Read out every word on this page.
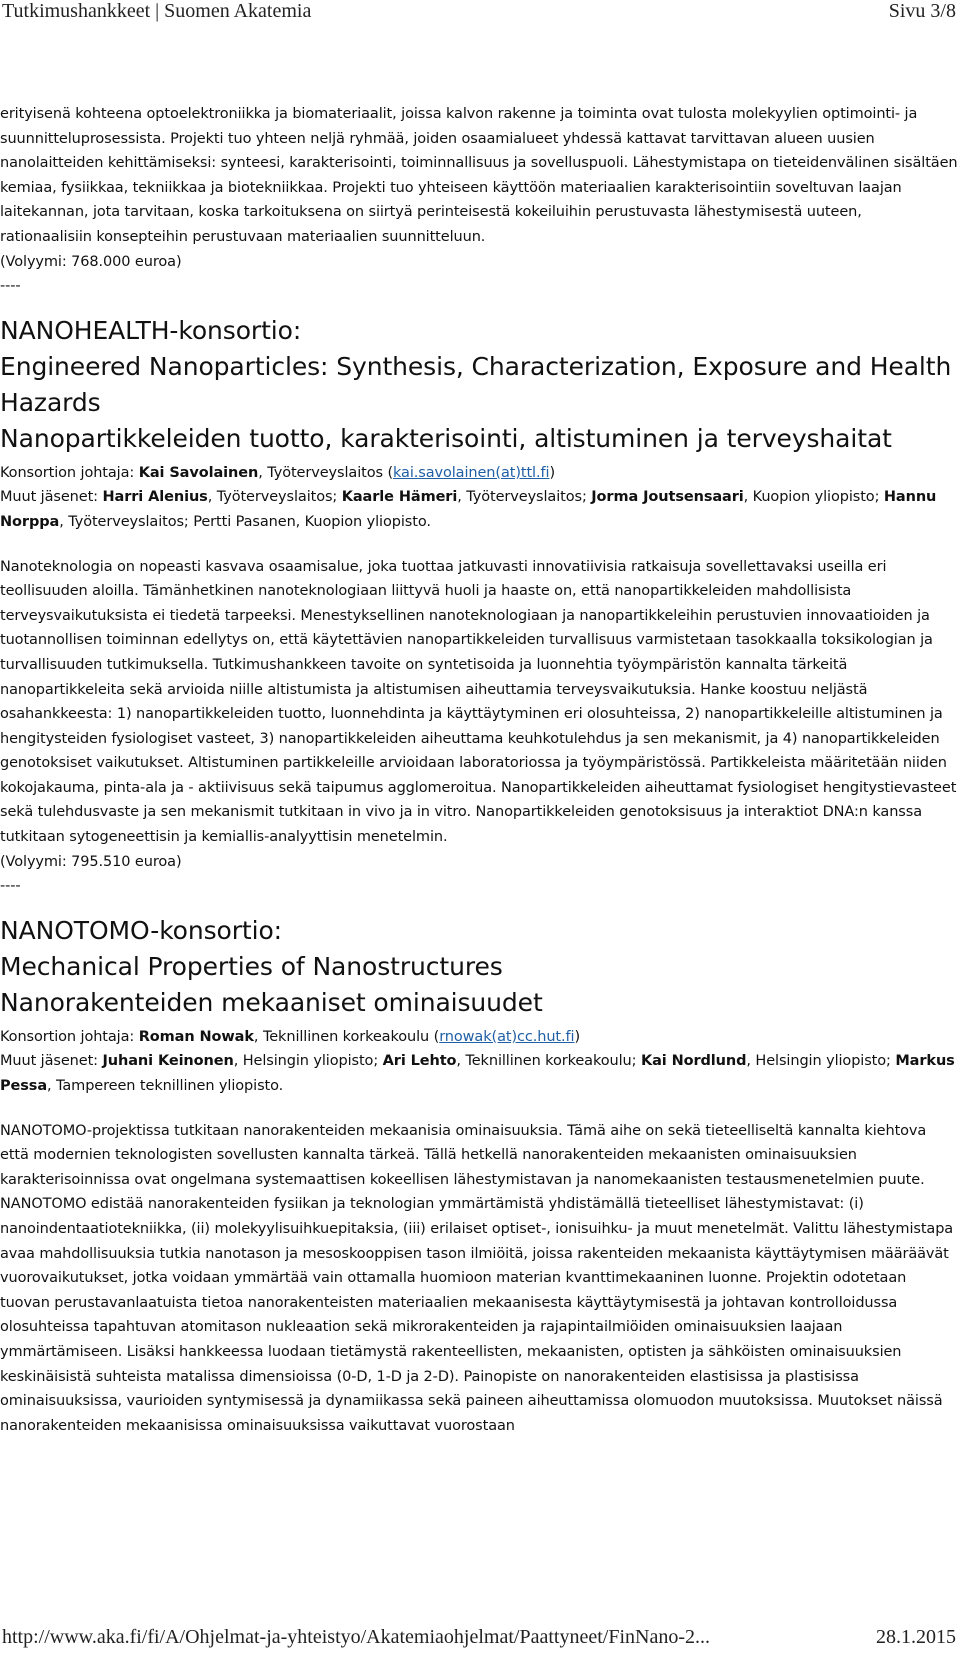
Tutkimushankkeet | Suomen Akatemia	Sivu 3/8

erityisenä kohteena optoelektroniikka ja biomateriaalit, joissa kalvon rakenne ja toiminta ovat tulosta molekyylien optimointi- ja suunnitteluprosessista. Projekti tuo yhteen neljä ryhmää, joiden osaamialueet yhdessä kattavat tarvittavan alueen uusien nanolaitteiden kehittämiseksi: synteesi, karakterisointi, toiminnallisuus ja sovelluspuoli. Lähestymistapa on tieteidenvälinen sisältäen kemiaa, fysiikkaa, tekniikkaa ja biotekniikkaa. Projekti tuo yhteiseen käyttöön materiaalien karakterisointiin soveltuvan laajan laitekannan, jota tarvitaan, koska tarkoituksena on siirtyä perinteisestä kokeiluihin perustuvasta lähestymisestä uuteen, rationaalisiin konsepteihin perustuvaan materiaalien suunnitteluun.

(Volyymi: 768.000 euroa)

----

NANOHEALTH-konsortio:
Engineered Nanoparticles: Synthesis, Characterization, Exposure and Health Hazards
Nanopartikkeleiden tuotto, karakterisointi, altistuminen ja terveyshaitat

Konsortion johtaja: Kai Savolainen, Työterveyslaitos (kai.savolainen(at)ttl.fi)

Muut jäsenet: Harri Alenius, Työterveyslaitos; Kaarle Hämeri, Työterveyslaitos; Jorma Joutsensaari, Kuopion yliopisto; Hannu Norppa, Työterveyslaitos; Pertti Pasanen, Kuopion yliopisto.

Nanoteknologia on nopeasti kasvava osaamisalue, joka tuottaa jatkuvasti innovatiivisia ratkaisuja sovellettavaksi useilla eri teollisuuden aloilla. Tämänhetkinen nanoteknologiaan liittyvä huoli ja haaste on, että nanopartikkeleiden mahdollisista terveysvaikutuksista ei tiedetä tarpeeksi. Menestyksellinen nanoteknologiaan ja nanopartikkeleihin perustuvien innovaatioiden ja tuotannollisen toiminnan edellytys on, että käytettävien nanopartikkeleiden turvallisuus varmistetaan tasokkaalla toksikologian ja turvallisuuden tutkimuksella. Tutkimushankkeen tavoite on syntetisoida ja luonnehtia työympäristön kannalta tärkeitä nanopartikkeleita sekä arvioida niille altistumista ja altistumisen aiheuttamia terveysvaikutuksia. Hanke koostuu neljästä osahankkeesta: 1) nanopartikkeleiden tuotto, luonnehdinta ja käyttäytyminen eri olosuhteissa, 2) nanopartikkeleille altistuminen ja hengitysteiden fysiologiset vasteet, 3) nanopartikkeleiden aiheuttama keuhkotulehdus ja sen mekanismit, ja 4) nanopartikkeleiden genotoksiset vaikutukset. Altistuminen partikkeleille arvioidaan laboratoriossa ja työympäristössä. Partikkeleista määritetään niiden kokojakauma, pinta-ala ja - aktiivisuus sekä taipumus agglomeroitua. Nanopartikkeleiden aiheuttamat fysiologiset hengitystievasteet sekä tulehdusvaste ja sen mekanismit tutkitaan in vivo ja in vitro. Nanopartikkeleiden genotoksisuus ja interaktiot DNA:n kanssa tutkitaan sytogeneettisin ja kemiallis-analyyttisin menetelmin.

(Volyymi: 795.510 euroa)

----

NANOTOMO-konsortio:
Mechanical Properties of Nanostructures
Nanorakenteiden mekaaniset ominaisuudet

Konsortion johtaja: Roman Nowak, Teknillinen korkeakoulu (rnowak(at)cc.hut.fi)

Muut jäsenet: Juhani Keinonen, Helsingin yliopisto; Ari Lehto, Teknillinen korkeakoulu; Kai Nordlund, Helsingin yliopisto; Markus Pessa, Tampereen teknillinen yliopisto.

NANOTOMO-projektissa tutkitaan nanorakenteiden mekaanisia ominaisuuksia. Tämä aihe on sekä tieteelliseltä kannalta kiehtova että modernien teknologisten sovellusten kannalta tärkeä. Tällä hetkellä nanorakenteiden mekaanisten ominaisuuksien karakterisoinnissa ovat ongelmana systemaattisen kokeellisen lähestymistavan ja nanomekaanisten testausmenetelmien puute. NANOTOMO edistää nanorakenteiden fysiikan ja teknologian ymmärtämistä yhdistämällä tieteelliset lähestymistavat: (i) nanoindentaatiotekniikka, (ii) molekyylisuihkuepitaksia, (iii) erilaiset optiset-, ionisuihku- ja muut menetelmät. Valittu lähestymistapa avaa mahdollisuuksia tutkia nanotason ja mesoskooppisen tason ilmiöitä, joissa rakenteiden mekaanista käyttäytymisen määräävät vuorovaikutukset, jotka voidaan ymmärtää vain ottamalla huomioon materian kvanttimekaaninen luonne. Projektin odotetaan tuovan perustavanlaatuista tietoa nanorakenteisten materiaalien mekaanisesta käyttäytymisestä ja johtavan kontrolloidussa olosuhteissa tapahtuvan atomitason nukleaation sekä mikrorakenteiden ja rajapintailmiöiden ominaisuuksien laajaan ymmärtämiseen. Lisäksi hankkeessa luodaan tietämystä rakenteellisten, mekaanisten, optisten ja sähköisten ominaisuuksien keskinäisistä suhteista matalissa dimensioissa (0-D, 1-D ja 2-D). Painopiste on nanorakenteiden elastisissa ja plastisissa ominaisuuksissa, vaurioiden syntymisessä ja dynamiikassa sekä paineen aiheuttamissa olomuodon muutoksissa. Muutokset näissä nanorakenteiden mekaanisissa ominaisuuksissa vaikuttavat vuorostaan

http://www.aka.fi/fi/A/Ohjelmat-ja-yhteistyo/Akatemiaohjelmat/Paattyneet/FinNano-2...	28.1.2015
